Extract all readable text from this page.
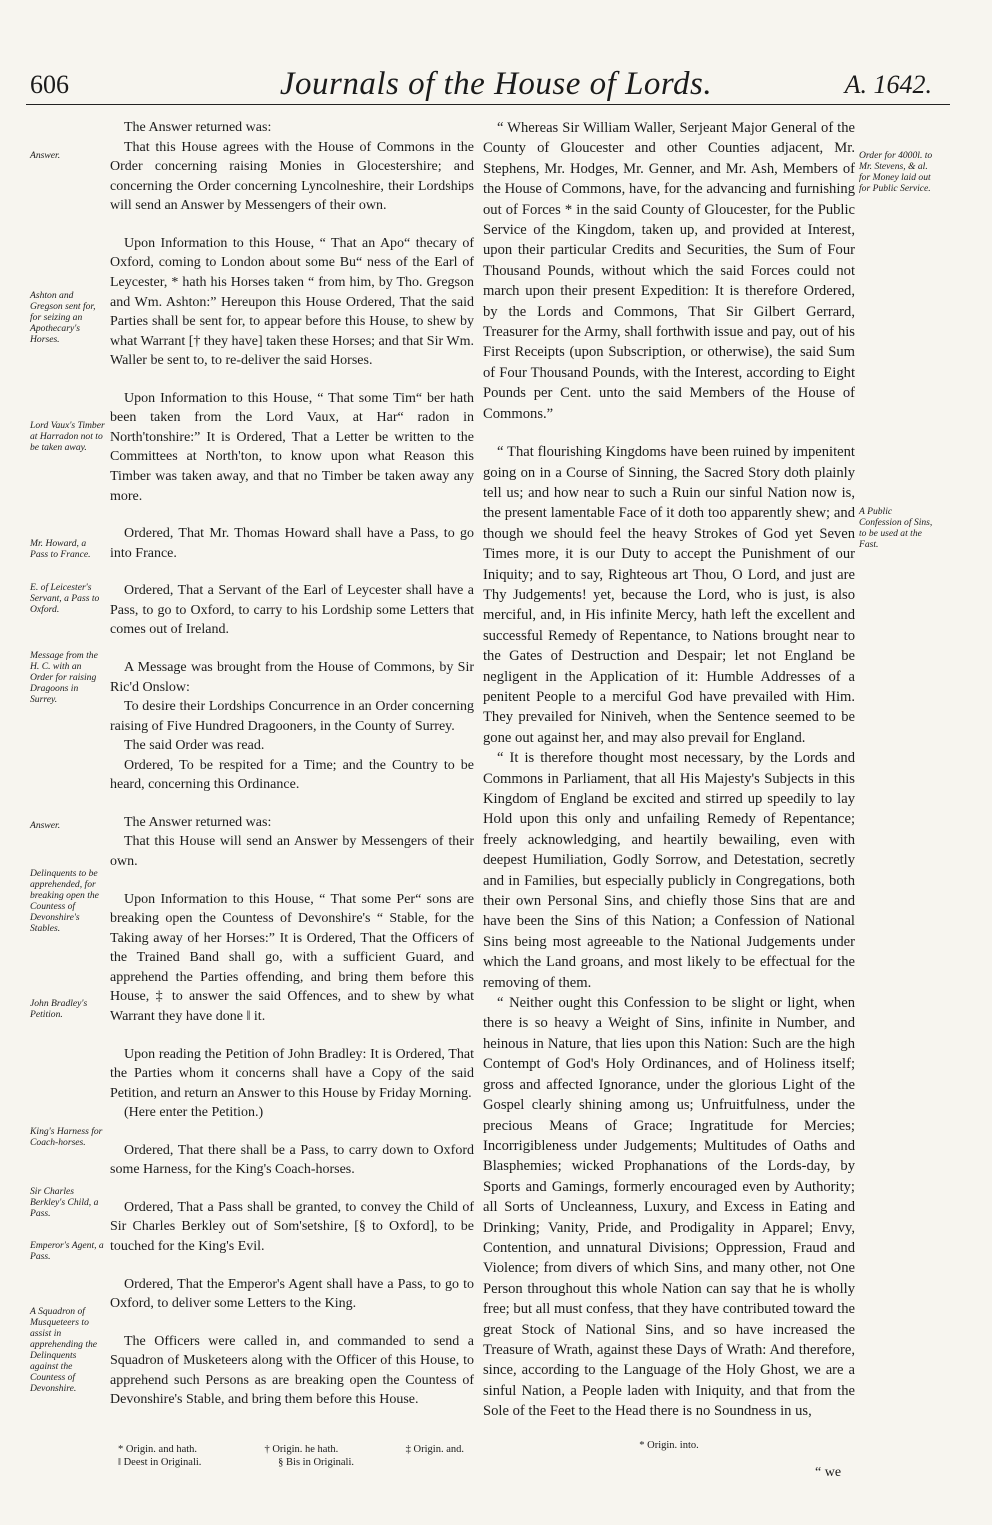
606	Journals of the House of Lords.	A. 1642.

The Answer returned was:

That this House agrees with the House of Commons in the Order concerning raising Monies in Glocestershire; and concerning the Order concerning Lyncolneshire, their Lordships will send an Answer by Messengers of their own.

Upon Information to this House, “ That an Apo“ thecary of Oxford, coming to London about some Bu“ ness of the Earl of Leycester, * hath his Horses taken “ from him, by Tho. Gregson and Wm. Ashton:” Hereupon this House Ordered, That the said Parties shall be sent for, to appear before this House, to shew by what Warrant [† they have] taken these Horses; and that Sir Wm. Waller be sent to, to re-deliver the said Horses.

Upon Information to this House, “ That some Tim“ ber hath been taken from the Lord Vaux, at Har“ radon in North'tonshire:” It is Ordered, That a Letter be written to the Committees at North'ton, to know upon what Reason this Timber was taken away, and that no Timber be taken away any more.

Ordered, That Mr. Thomas Howard shall have a Pass, to go into France.

Ordered, That a Servant of the Earl of Leycester shall have a Pass, to go to Oxford, to carry to his Lordship some Letters that comes out of Ireland.

A Message was brought from the House of Commons, by Sir Ric'd Onslow:

To desire their Lordships Concurrence in an Order concerning raising of Five Hundred Dragooners, in the County of Surrey.

The said Order was read.

Ordered, To be respited for a Time; and the Country to be heard, concerning this Ordinance.

The Answer returned was:

That this House will send an Answer by Messengers of their own.

Upon Information to this House, “ That some Per“ sons are breaking open the Countess of Devonshire's “ Stable, for the Taking away of her Horses:” It is Ordered, That the Officers of the Trained Band shall go, with a sufficient Guard, and apprehend the Parties offending, and bring them before this House, ‡ to answer the said Offences, and to shew by what Warrant they have done ‖ it.

Upon reading the Petition of John Bradley: It is Ordered, That the Parties whom it concerns shall have a Copy of the said Petition, and return an Answer to this House by Friday Morning.

(Here enter the Petition.)

Ordered, That there shall be a Pass, to carry down to Oxford some Harness, for the King's Coach-horses.

Ordered, That a Pass shall be granted, to convey the Child of Sir Charles Berkley out of Som'setshire, [§ to Oxford], to be touched for the King's Evil.

Ordered, That the Emperor's Agent shall have a Pass, to go to Oxford, to deliver some Letters to the King.

The Officers were called in, and commanded to send a Squadron of Musketeers along with the Officer of this House, to apprehend such Persons as are breaking open the Countess of Devonshire's Stable, and bring them before this House.

“ Whereas Sir William Waller, Serjeant Major General of the County of Gloucester and other Counties adjacent, Mr. Stephens, Mr. Hodges, Mr. Genner, and Mr. Ash, Members of the House of Commons, have, for the advancing and furnishing out of Forces * in the said County of Gloucester, for the Public Service of the Kingdom, taken up, and provided at Interest, upon their particular Credits and Securities, the Sum of Four Thousand Pounds, without which the said Forces could not march upon their present Expedition: It is therefore Ordered, by the Lords and Commons, That Sir Gilbert Gerrard, Treasurer for the Army, shall forthwith issue and pay, out of his First Receipts (upon Subscription, or otherwise), the said Sum of Four Thousand Pounds, with the Interest, according to Eight Pounds per Cent. unto the said Members of the House of Commons.”

“ That flourishing Kingdoms have been ruined by impenitent going on in a Course of Sinning, the Sacred Story doth plainly tell us; and how near to such a Ruin our sinful Nation now is, the present lamentable Face of it doth too apparently shew; and though we should feel the heavy Strokes of God yet Seven Times more, it is our Duty to accept the Punishment of our Iniquity; and to say, Righteous art Thou, O Lord, and just are Thy Judgements! yet, because the Lord, who is just, is also merciful, and, in His infinite Mercy, hath left the excellent and successful Remedy of Repentance, to Nations brought near to the Gates of Destruction and Despair; let not England be negligent in the Application of it: Humble Addresses of a penitent People to a merciful God have prevailed with Him. They prevailed for Niniveh, when the Sentence seemed to be gone out against her, and may also prevail for England.

“ It is therefore thought most necessary, by the Lords and Commons in Parliament, that all His Majesty's Subjects in this Kingdom of England be excited and stirred up speedily to lay Hold upon this only and unfailing Remedy of Repentance; freely acknowledging, and heartily bewailing, even with deepest Humiliation, Godly Sorrow, and Detestation, secretly and in Families, but especially publicly in Congregations, both their own Personal Sins, and chiefly those Sins that are and have been the Sins of this Nation; a Confession of National Sins being most agreeable to the National Judgements under which the Land groans, and most likely to be effectual for the removing of them.

“ Neither ought this Confession to be slight or light, when there is so heavy a Weight of Sins, infinite in Number, and heinous in Nature, that lies upon this Nation: Such are the high Contempt of God's Holy Ordinances, and of Holiness itself; gross and affected Ignorance, under the glorious Light of the Gospel clearly shining among us; Unfruitfulness, under the precious Means of Grace; Ingratitude for Mercies; Incorrigibleness under Judgements; Multitudes of Oaths and Blasphemies; wicked Prophanations of the Lords-day, by Sports and Gamings, formerly encouraged even by Authority; all Sorts of Uncleanness, Luxury, and Excess in Eating and Drinking; Vanity, Pride, and Prodigality in Apparel; Envy, Contention, and unnatural Divisions; Oppression, Fraud and Violence; from divers of which Sins, and many other, not One Person throughout this whole Nation can say that he is wholly free; but all must confess, that they have contributed toward the great Stock of National Sins, and so have increased the Treasure of Wrath, against these Days of Wrath: And therefore, since, according to the Language of the Holy Ghost, we are a sinful Nation, a People laden with Iniquity, and that from the Sole of the Feet to the Head there is no Soundness in us,

Answer.
Ashton and Gregson sent for, for seizing an Apothecary's Horses.
Lord Vaux's Timber at Harradon not to be taken away.
Mr. Howard, a Pass to France.
E. of Leicester's Servant, a Pass to Oxford.
Message from the H. C. with an Order for raising Dragoons in Surrey.
Answer.
Delinquents to be apprehended, for breaking open the Countess of Devonshire's Stables.
John Bradley's Petition.
King's Harness for Coach-horses.
Sir Charles Berkley's Child, a Pass.
Emperor's Agent, a Pass.
A Squadron of Musqueteers to assist in apprehending the Delinquents against the Countess of Devonshire.
Order for 4000l. to Mr. Stevens, & al. for Money laid out for Public Service.
A Public Confession of Sins, to be used at the Fast.
* Origin. and hath.	† Origin. he hath.	‡ Origin. and.
‖ Deest in Originali.	§ Bis in Originali.
* Origin. into.
“ we
